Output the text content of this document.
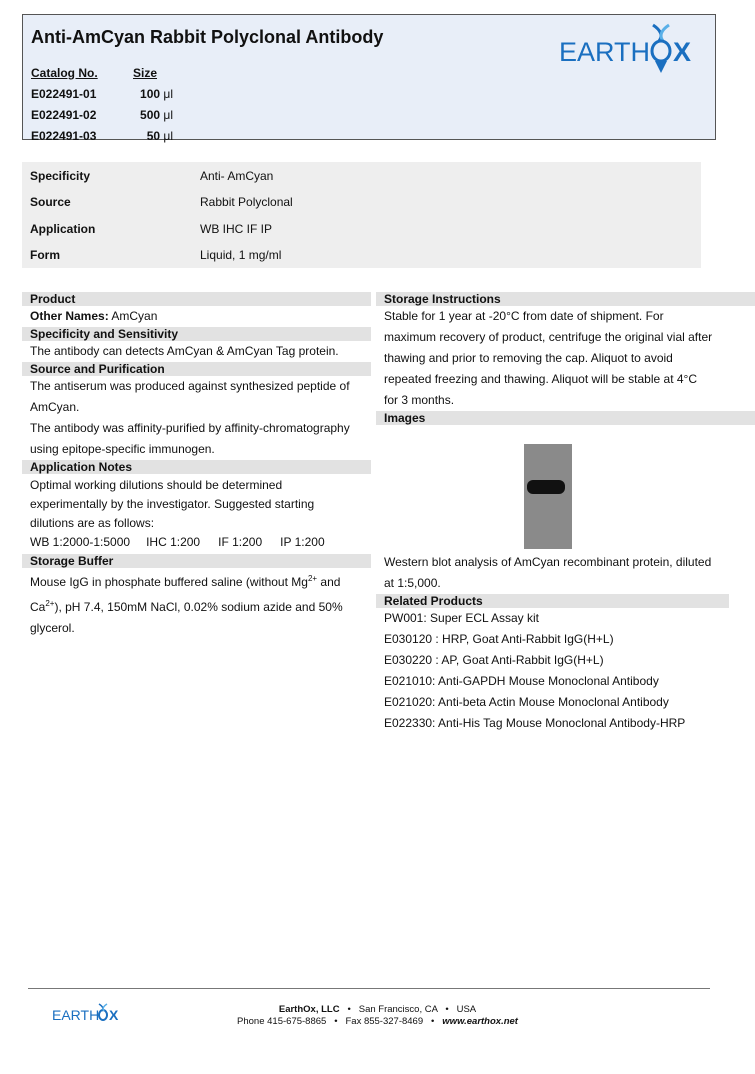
Anti-AmCyan Rabbit Polyclonal Antibody
Catalog No.	Size
E022491-01	100 μl
E022491-02	500 μl
E022491-03	50 μl
EARTH X
Specificity	Anti- AmCyan
Source	Rabbit Polyclonal
Application	WB IHC IF IP
Form	Liquid, 1 mg/ml
Product
Other Names: AmCyan
Specificity and Sensitivity
The antibody can detects AmCyan & AmCyan Tag protein.
Source and Purification
The antiserum was produced against synthesized peptide of
AmCyan.
The antibody was affinity-purified by affinity-chromatography
using epitope-specific immunogen.
Application Notes
Optimal working dilutions should be determined
experimentally by the investigator. Suggested starting
dilutions are as follows:
WB 1:2000-1:5000 IHC 1:200 IF 1:200 IP 1:200
Storage Buffer
Mouse IgG in phosphate buffered saline (without $Mg^{2+}$ and
$Ca^{2+}$), pH 7.4, 150mM NaCl, 0.02% sodium azide and 50%
glycerol.
Storage Instructions
Stable for 1 year at -20°C from date of shipment. For
maximum recovery of product, centrifuge the original vial after
thawing and prior to removing the cap. Aliquot to avoid
repeated freezing and thawing. Aliquot will be stable at 4°C
for 3 months.
Images
Western blot analysis of AmCyan recombinant protein, diluted
at 1:5,000.
Related Products
PW001: Super ECL Assay kit
E030120 : HRP, Goat Anti-Rabbit IgG(H+L)
E030220 : AP, Goat Anti-Rabbit IgG(H+L)
E021010: Anti-GAPDH Mouse Monoclonal Antibody
E021020: Anti-beta Actin Mouse Monoclonal Antibody
E022330: Anti-His Tag Mouse Monoclonal Antibody-HRP
EARTH X	EarthOx, LLC • San Francisco, CA • USA
Phone 415-675-8865 • Fax 855-327-8469 • www.earthox.net
